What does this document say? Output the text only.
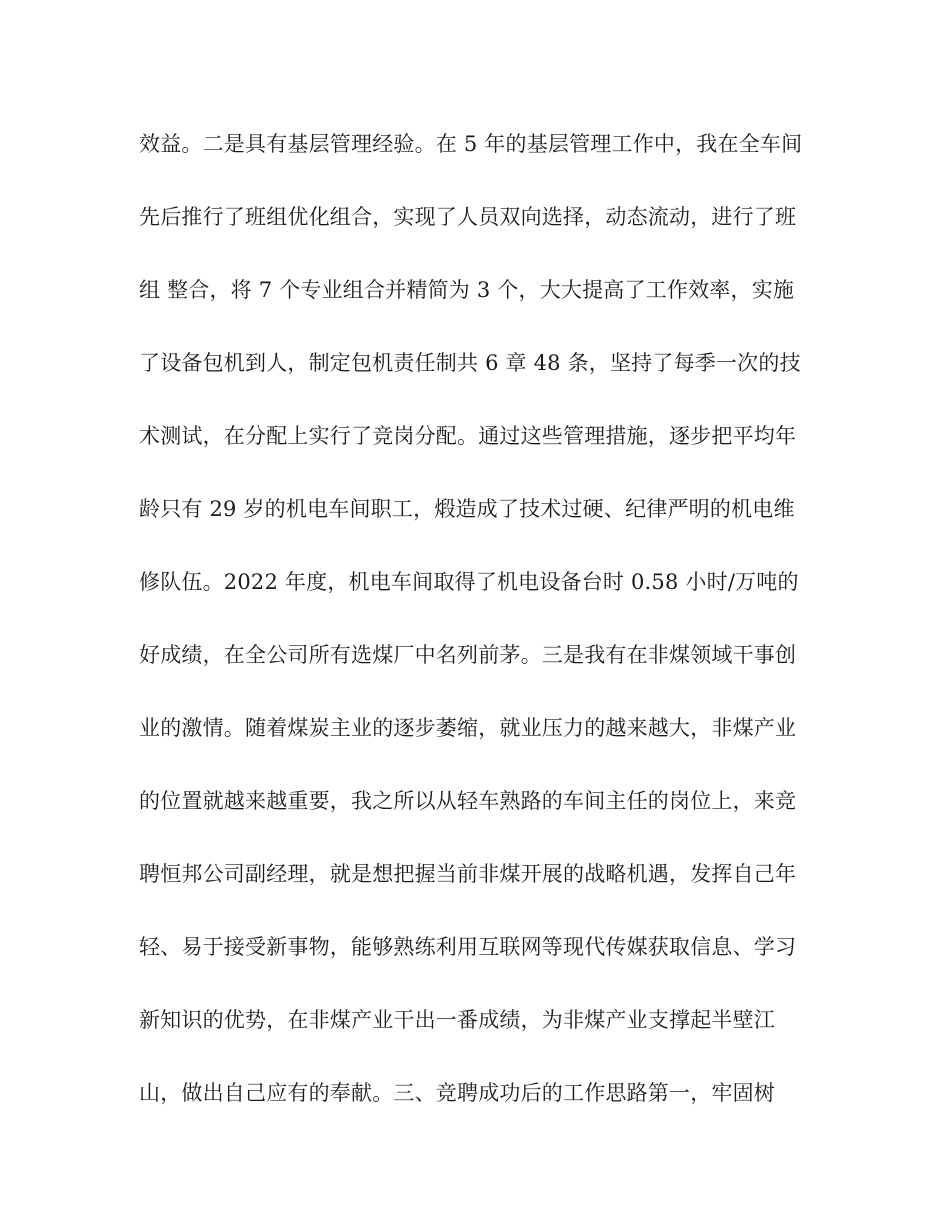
效益。二是具有基层管理经验。在 5 年的基层管理工作中，我在全车间
先后推行了班组优化组合，实现了人员双向选择，动态流动，进行了班
组 整合，将 7 个专业组合并精简为 3 个，大大提高了工作效率，实施
了设备包机到人，制定包机责任制共 6 章 48 条，坚持了每季一次的技
术测试，在分配上实行了竞岗分配。通过这些管理措施，逐步把平均年
龄只有 29 岁的机电车间职工，煅造成了技术过硬、纪律严明的机电维
修队伍。2022 年度，机电车间取得了机电设备台时 0.58 小时/万吨的
好成绩，在全公司所有选煤厂中名列前茅。三是我有在非煤领域干事创
业的激情。随着煤炭主业的逐步萎缩，就业压力的越来越大，非煤产业
的位置就越来越重要，我之所以从轻车熟路的车间主任的岗位上，来竞
聘恒邦公司副经理，就是想把握当前非煤开展的战略机遇，发挥自己年
轻、易于接受新事物，能够熟练利用互联网等现代传媒获取信息、学习
新知识的优势，在非煤产业干出一番成绩，为非煤产业支撑起半壁江
山，做出自己应有的奉献。三、竞聘成功后的工作思路第一，牢固树
